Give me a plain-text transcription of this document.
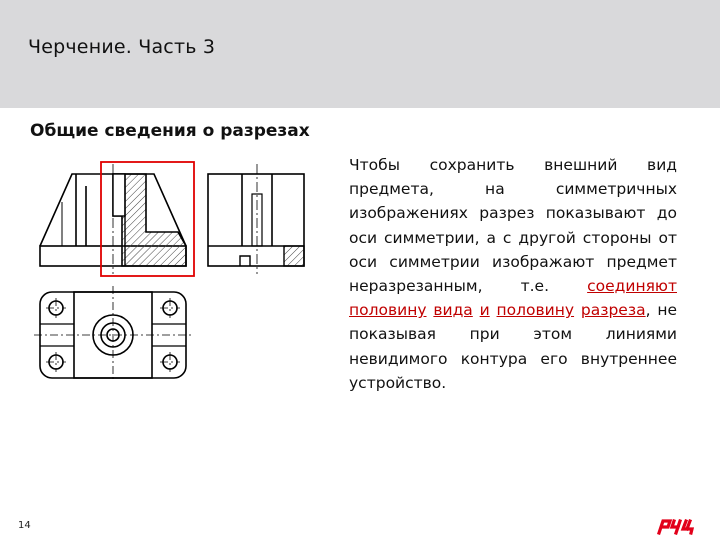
Черчение. Часть 3
Общие сведения о разрезах
Чтобы сохранить внешний вид предмета, на симметричных изображениях разрез показывают до оси симметрии, а с другой стороны от оси симметрии изображают предмет неразрезанным, т.е. соединяют половину вида и половину разреза, не показывая при этом линиями невидимого контура его внутреннее устройство.
14
